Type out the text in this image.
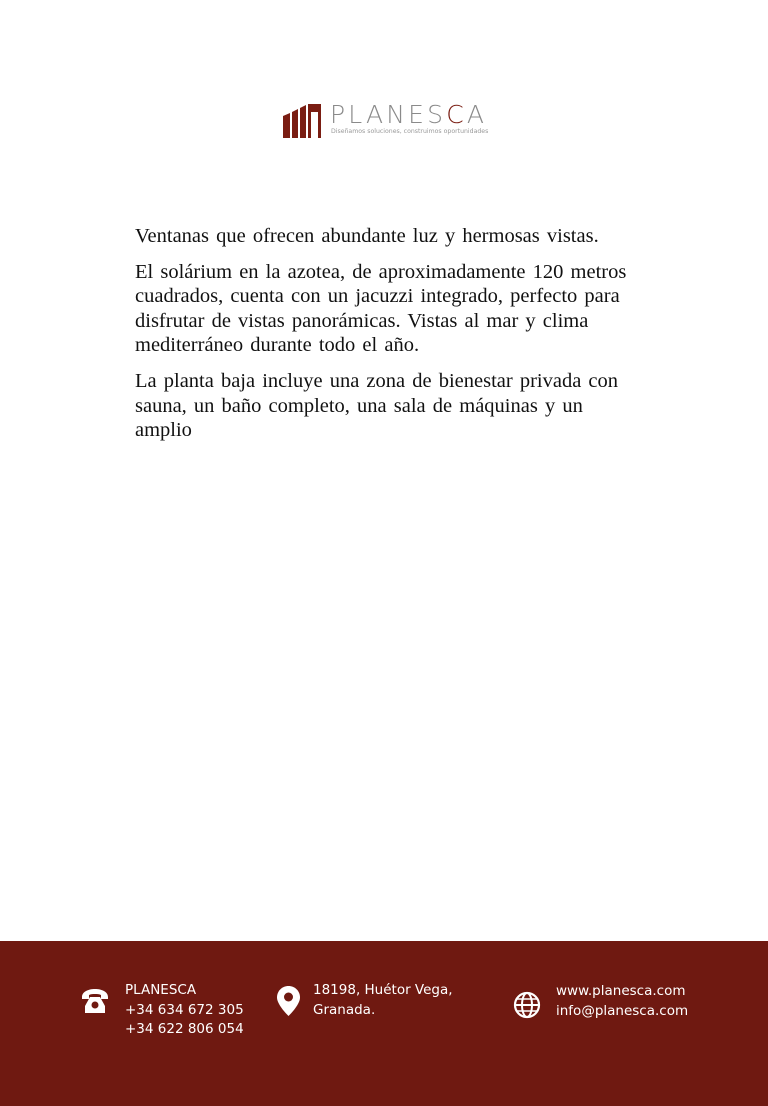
PLANESCA
Diseñamos soluciones, construimos oportunidades

Ventanas que ofrecen abundante luz y hermosas vistas.

El solárium en la azotea, de aproximadamente 120 metros
cuadrados, cuenta con un jacuzzi integrado, perfecto para
disfrutar de vistas panorámicas. Vistas al mar y clima
mediterráneo durante todo el año.

La planta baja incluye una zona de bienestar privada con
sauna, un baño completo, una sala de máquinas y un
amplio

PLANESCA
+34 634 672 305
+34 622 806 054
18198, Huétor Vega,
Granada.
www.planesca.com
info@planesca.com
